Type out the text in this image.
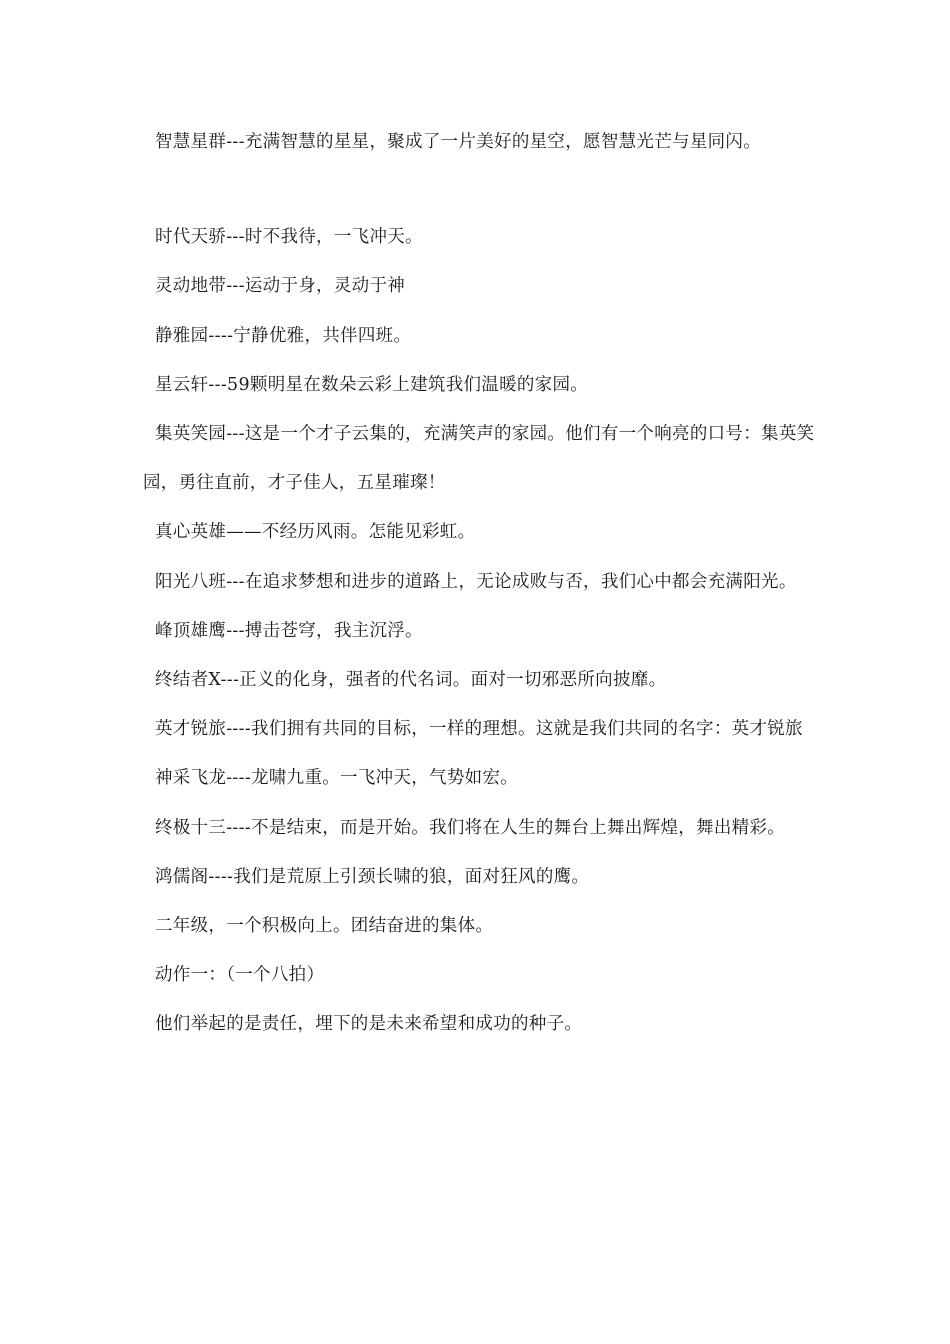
智慧星群---充满智慧的星星，聚成了一片美好的星空，愿智慧光芒与星同闪。

时代天骄---时不我待，一飞冲天。

灵动地带---运动于身，灵动于神

静雅园----宁静优雅，共伴四班。

星云轩---59颗明星在数朵云彩上建筑我们温暖的家园。

集英笑园---这是一个才子云集的，充满笑声的家园。他们有一个响亮的口号：集英笑园，勇往直前，才子佳人，五星璀璨！

真心英雄——不经历风雨。怎能见彩虹。

阳光八班---在追求梦想和进步的道路上，无论成败与否，我们心中都会充满阳光。

峰顶雄鹰---搏击苍穹，我主沉浮。

终结者X---正义的化身，强者的代名词。面对一切邪恶所向披靡。

英才锐旅----我们拥有共同的目标，一样的理想。这就是我们共同的名字：英才锐旅

神采飞龙----龙啸九重。一飞冲天，气势如宏。

终极十三----不是结束，而是开始。我们将在人生的舞台上舞出辉煌，舞出精彩。

鸿儒阁----我们是荒原上引颈长啸的狼，面对狂风的鹰。

二年级，一个积极向上。团结奋进的集体。

动作一：（一个八拍）

他们举起的是责任，埋下的是未来希望和成功的种子。
